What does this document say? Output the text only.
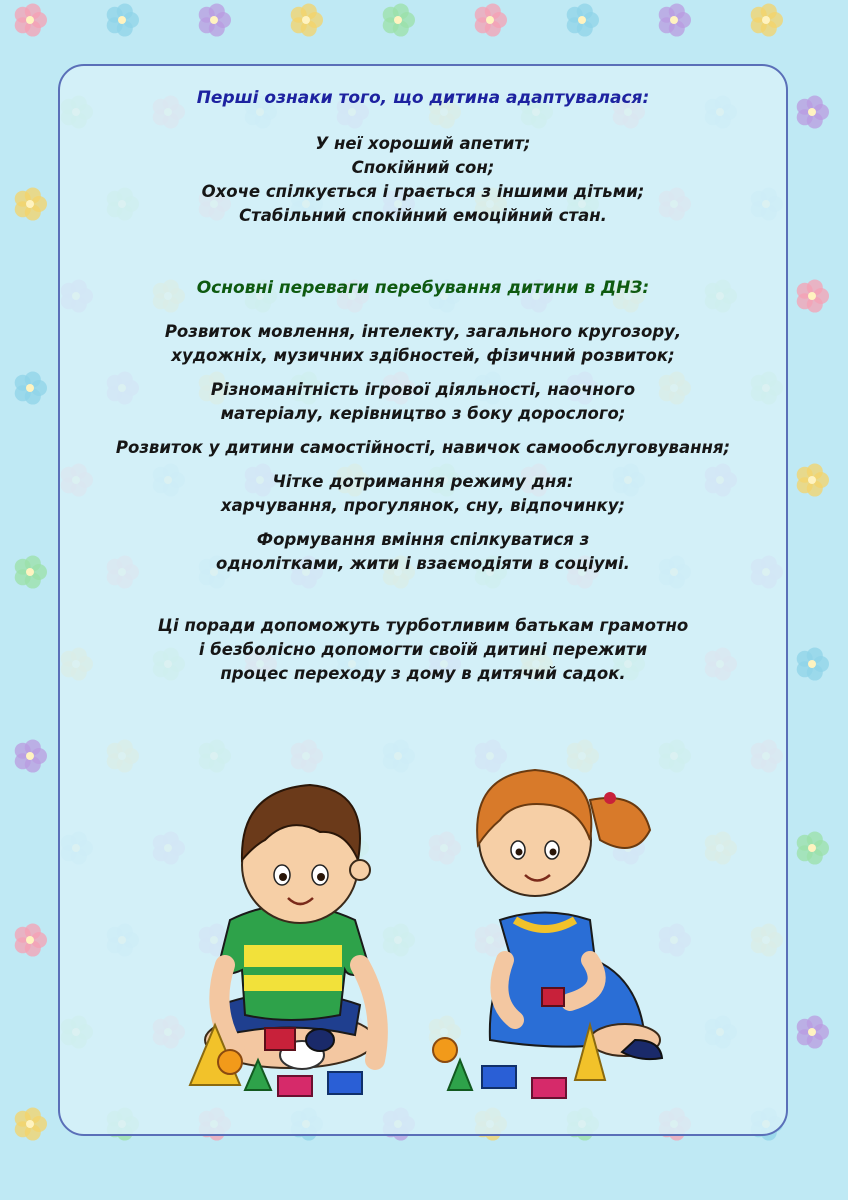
Перші ознаки того, що дитина адаптувалася:
У неї хороший апетит;
Спокійний сон;
Охоче спілкується і грається з іншими дітьми;
Стабільний спокійний емоційний стан.
Основні переваги перебування дитини в ДНЗ:
Розвиток мовлення, інтелекту, загального кругозору,
художніх, музичних здібностей, фізичний розвиток;
Різноманітність ігрової діяльності, наочного
матеріалу, керівництво з боку дорослого;
Розвиток у дитини самостійності, навичок самообслуговування;
Чітке дотримання режиму дня:
харчування, прогулянок, сну, відпочинку;
Формування вміння спілкуватися з
однолітками, жити і взаємодіяти в соціумі.
Ці поради допоможуть турботливим батькам грамотно
і безболісно допомогти своїй дитині пережити
процес переходу з дому в дитячий садок.
